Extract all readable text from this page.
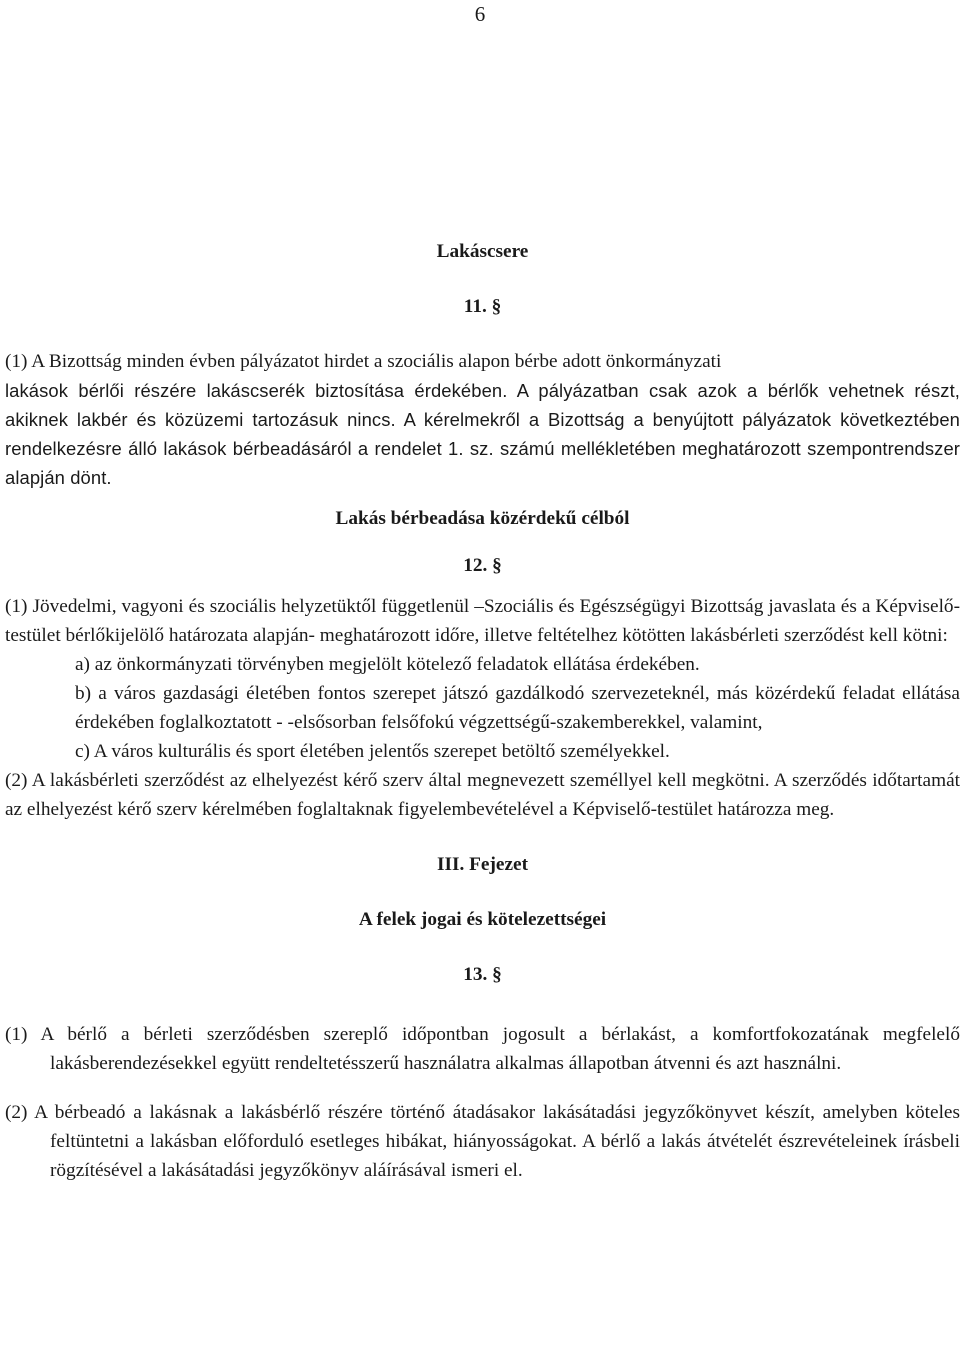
6

Lakáscsere

11. §

(1) A Bizottság minden évben pályázatot hirdet a szociális alapon bérbe adott önkormányzati

lakások bérlői részére lakáscserék biztosítása érdekében. A pályázatban csak azok a bérlők vehetnek részt, akiknek lakbér és közüzemi tartozásuk nincs. A kérelmekről a Bizottság a benyújtott pályázatok következtében rendelkezésre álló lakások bérbeadásáról a rendelet 1. sz. számú mellékletében meghatározott szempontrendszer alapján dönt.

Lakás bérbeadása közérdekű célból

12. §

(1) Jövedelmi, vagyoni és szociális helyzetüktől függetlenül –Szociális és Egészségügyi Bizottság javaslata és a Képviselő-testület bérlőkijelölő határozata alapján- meghatározott időre, illetve feltételhez kötötten lakásbérleti szerződést kell kötni:

a) az önkormányzati törvényben megjelölt kötelező feladatok ellátása érdekében.

b) a város gazdasági életében fontos szerepet játszó gazdálkodó szervezeteknél, más közérdekű feladat ellátása érdekében foglalkoztatott - -elsősorban felsőfokú végzettségű-szakemberekkel, valamint,

c) A város kulturális és sport életében jelentős szerepet betöltő személyekkel.

(2) A lakásbérleti szerződést az elhelyezést kérő szerv által megnevezett személlyel kell megkötni. A szerződés időtartamát az elhelyezést kérő szerv kérelmében foglaltaknak figyelembevételével a Képviselő-testület határozza meg.

III. Fejezet

A felek jogai és kötelezettségei

13. §

(1) A bérlő a bérleti szerződésben szereplő időpontban jogosult a bérlakást, a komfortfokozatának megfelelő lakásberendezésekkel együtt rendeltetésszerű használatra alkalmas állapotban átvenni és azt használni.

(2) A bérbeadó a lakásnak a lakásbérlő részére történő átadásakor lakásátadási jegyzőkönyvet készít, amelyben köteles feltüntetni a lakásban előforduló esetleges hibákat, hiányosságokat. A bérlő a lakás átvételét észrevételeinek írásbeli rögzítésével a lakásátadási jegyzőkönyv aláírásával ismeri el.
